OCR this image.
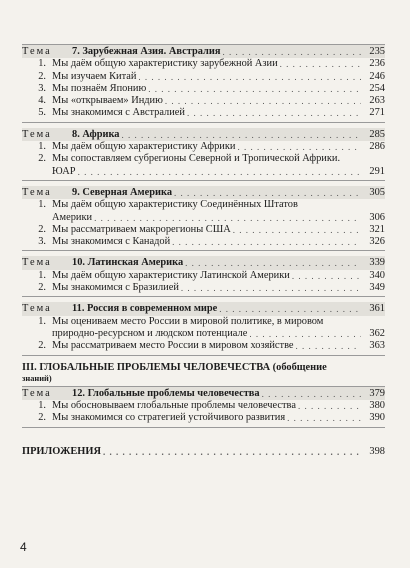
Тема	7. Зарубежная Азия. Австралия . . .	235
1. Мы даём общую характеристику зарубежной Азии . . .	236
2. Мы изучаем Китай . . .	246
3. Мы познаём Японию . . .	254
4. Мы «открываем» Индию . . .	263
5. Мы знакомимся с Австралией . . .	271
Тема	8. Африка . . .	285
1. Мы даём общую характеристику Африки . . .	286
2. Мы сопоставляем субрегионы Северной и Тропической Африки.
ЮАР . . .	291
Тема	9. Северная Америка . . .	305
1. Мы даём общую характеристику Соединённых Штатов
Америки . . .	306
2. Мы рассматриваем макрорегионы США . . .	321
3. Мы знакомимся с Канадой . . .	326
Тема	10. Латинская Америка . . .	339
1. Мы даём общую характеристику Латинской Америки . . .	340
2. Мы знакомимся с Бразилией . . .	349
Тема	11. Россия в современном мире . . .	361
1. Мы оцениваем место России в мировой политике, в мировом
природно-ресурсном и людском потенциале . . .	362
2. Мы рассматриваем место России в мировом хозяйстве . . .	363
III. ГЛОБАЛЬНЫЕ ПРОБЛЕМЫ ЧЕЛОВЕЧЕСТВА (обобщение
знаний)
Тема	12. Глобальные проблемы человечества . . .	379
1. Мы обосновываем глобальные проблемы человечества . . .	380
2. Мы знакомимся со стратегией устойчивого развития . . .	390
ПРИЛОЖЕНИЯ . . .	398
4
